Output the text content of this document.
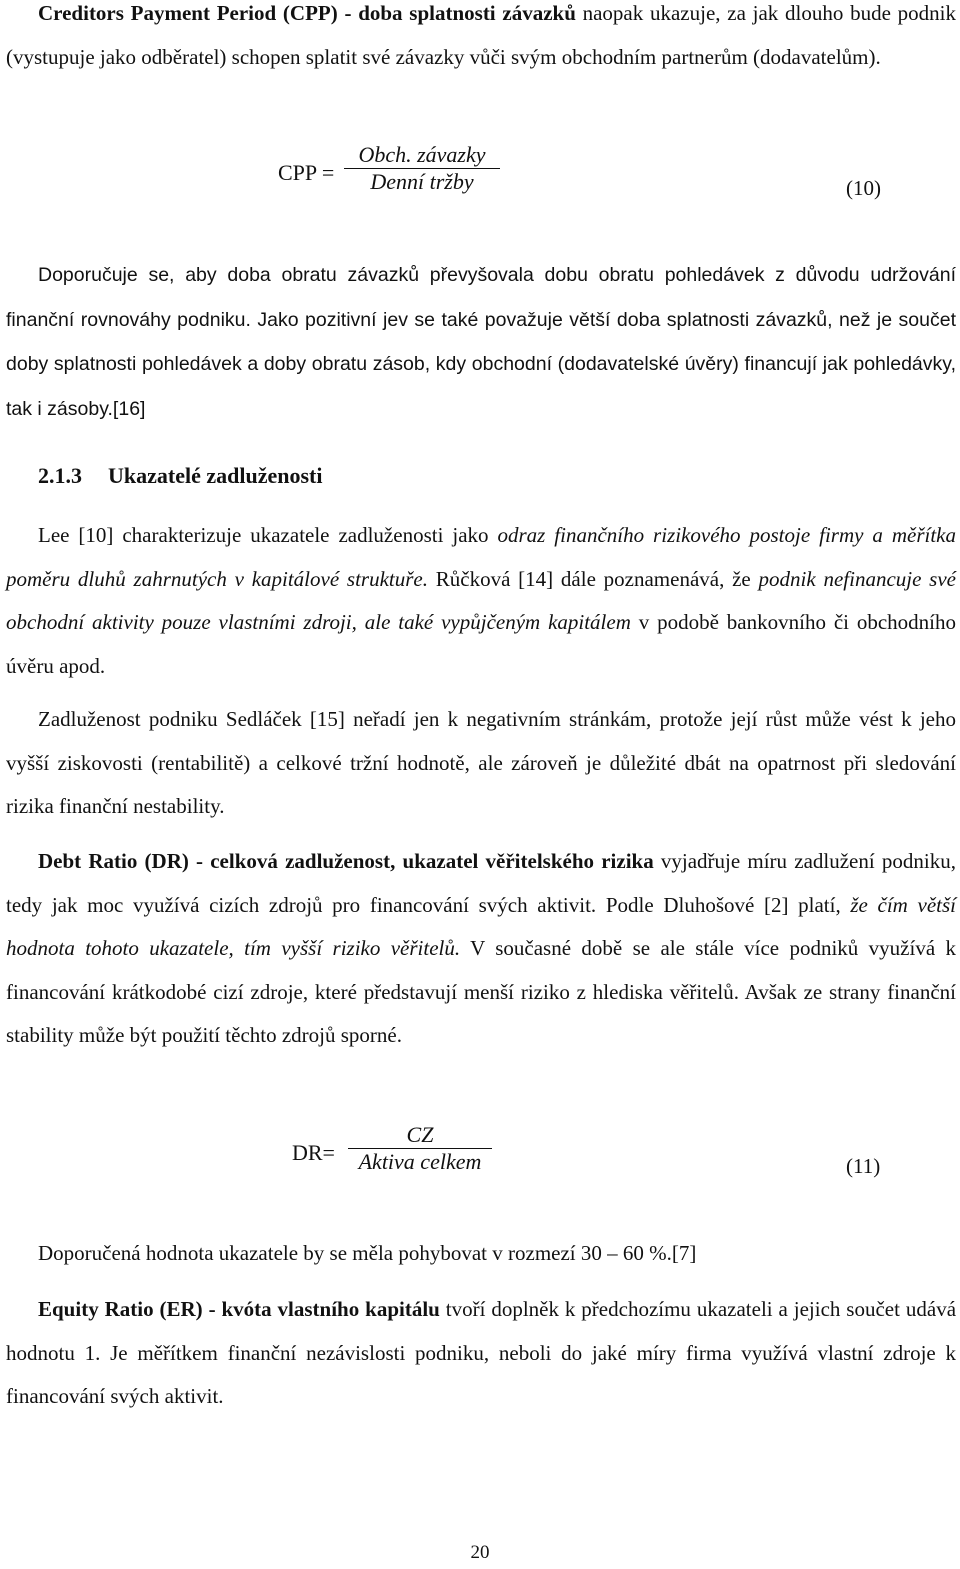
Creditors Payment Period (CPP) - doba splatnosti závazků naopak ukazuje, za jak dlouho bude podnik (vystupuje jako odběratel) schopen splatit své závazky vůči svým obchodním partnerům (dodavatelům).

CPP =
Obch. závazky
Denní tržby	(10)

Doporučuje se, aby doba obratu závazků převyšovala dobu obratu pohledávek z důvodu udržování finanční rovnováhy podniku. Jako pozitivní jev se také považuje větší doba splatnosti závazků, než je součet doby splatnosti pohledávek a doby obratu zásob, kdy obchodní (dodavatelské úvěry) financují jak pohledávky, tak i zásoby.[16]

2.1.3 Ukazatelé zadluženosti

Lee [10] charakterizuje ukazatele zadluženosti jako odraz finančního rizikového postoje firmy a měřítka poměru dluhů zahrnutých v kapitálové struktuře. Růčková [14] dále poznamenává, že podnik nefinancuje své obchodní aktivity pouze vlastními zdroji, ale také vypůjčeným kapitálem v podobě bankovního či obchodního úvěru apod.

Zadluženost podniku Sedláček [15] neřadí jen k negativním stránkám, protože její růst může vést k jeho vyšší ziskovosti (rentabilitě) a celkové tržní hodnotě, ale zároveň je důležité dbát na opatrnost při sledování rizika finanční nestability.

Debt Ratio (DR) - celková zadluženost, ukazatel věřitelského rizika vyjadřuje míru zadlužení podniku, tedy jak moc využívá cizích zdrojů pro financování svých aktivit. Podle Dluhošové [2] platí, že čím větší hodnota tohoto ukazatele, tím vyšší riziko věřitelů. V současné době se ale stále více podniků využívá k financování krátkodobé cizí zdroje, které představují menší riziko z hlediska věřitelů. Avšak ze strany finanční stability může být použití těchto zdrojů sporné.

DR=
CZ
Aktiva celkem	(11)

Doporučená hodnota ukazatele by se měla pohybovat v rozmezí 30 – 60 %.[7]

Equity Ratio (ER) - kvóta vlastního kapitálu tvoří doplněk k předchozímu ukazateli a jejich součet udává hodnotu 1. Je měřítkem finanční nezávislosti podniku, neboli do jaké míry firma využívá vlastní zdroje k financování svých aktivit.

20
